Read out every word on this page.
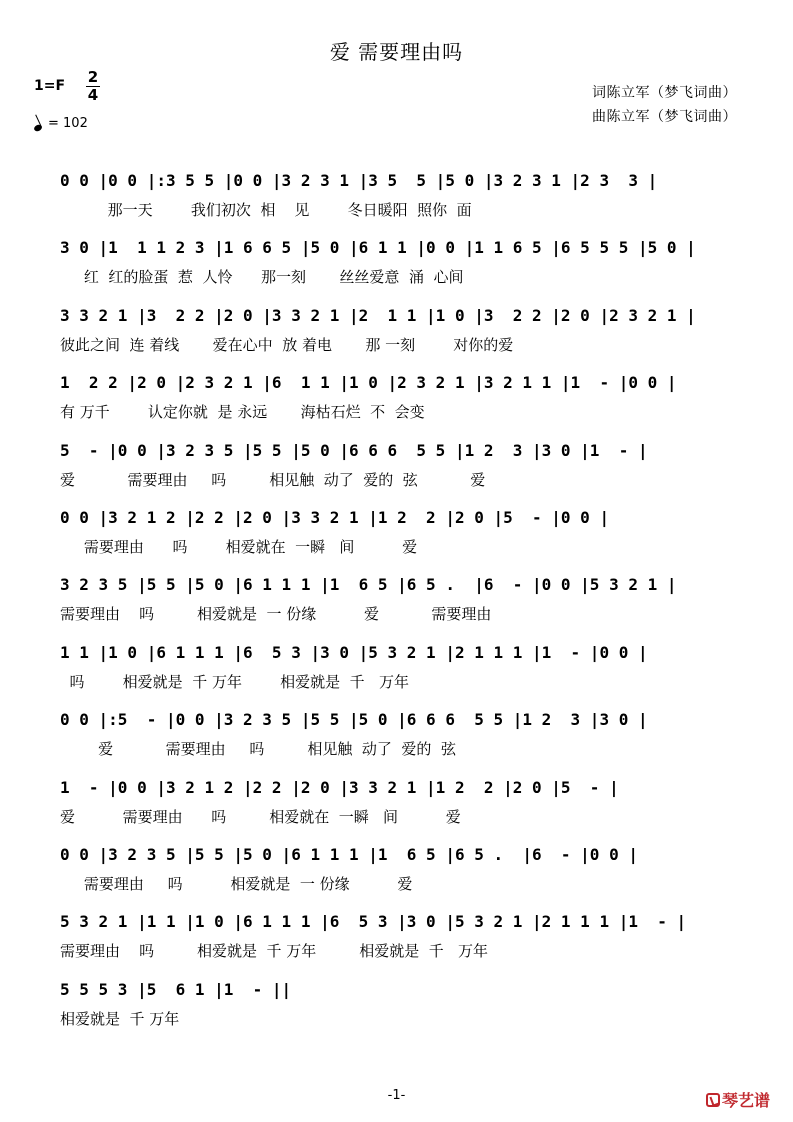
爱 需要理由吗
1=F 2
4
= 102
词陈立军（梦飞词曲）
曲陈立军（梦飞词曲）
0 0 |0 0 |:3 5 5 |0 0 |3 2 3 1 |3 5  5 |5 0 |3 2 3 1 |2 3  3 |
那一天        我们初次  相    见        冬日暖阳  照你  面
3 0 |1  1 1 2 3 |1 6 6 5 |5 0 |6 1 1 |0 0 |1 1 6 5 |6 5 5 5 |5 0 |
红  红的脸蛋  惹  人怜      那一刻       丝丝爱意  涌  心间
3 3 2 1 |3  2 2 |2 0 |3 3 2 1 |2  1 1 |1 0 |3  2 2 |2 0 |2 3 2 1 |
彼此之间  连 着线       爱在心中  放 着电       那 一刻        对你的爱
1  2 2 |2 0 |2 3 2 1 |6  1 1 |1 0 |2 3 2 1 |3 2 1 1 |1  - |0 0 |
有 万千        认定你就  是 永远       海枯石烂  不  会变
5  - |0 0 |3 2 3 5 |5 5 |5 0 |6 6 6  5 5 |1 2  3 |3 0 |1  - |
爱           需要理由     吗         相见触  动了  爱的  弦           爱
0 0 |3 2 1 2 |2 2 |2 0 |3 3 2 1 |1 2  2 |2 0 |5  - |0 0 |
需要理由      吗        相爱就在  一瞬   间          爱
3 2 3 5 |5 5 |5 0 |6 1 1 1 |1  6 5 |6 5 .  |6  - |0 0 |5 3 2 1 |
需要理由    吗         相爱就是  一 份缘          爱           需要理由
1 1 |1 0 |6 1 1 1 |6  5 3 |3 0 |5 3 2 1 |2 1 1 1 |1  - |0 0 |
吗        相爱就是  千 万年        相爱就是  千   万年
0 0 |:5  - |0 0 |3 2 3 5 |5 5 |5 0 |6 6 6  5 5 |1 2  3 |3 0 |
爱           需要理由     吗         相见触  动了  爱的  弦
1  - |0 0 |3 2 1 2 |2 2 |2 0 |3 3 2 1 |1 2  2 |2 0 |5  - |
爱          需要理由      吗         相爱就在  一瞬   间          爱
0 0 |3 2 3 5 |5 5 |5 0 |6 1 1 1 |1  6 5 |6 5 .  |6  - |0 0 |
需要理由     吗          相爱就是  一 份缘          爱
5 3 2 1 |1 1 |1 0 |6 1 1 1 |6  5 3 |3 0 |5 3 2 1 |2 1 1 1 |1  - |
需要理由    吗         相爱就是  千 万年         相爱就是  千   万年
5 5 5 3 |5  6 1 |1  - ||
相爱就是  千 万年
-1-	琴艺谱
